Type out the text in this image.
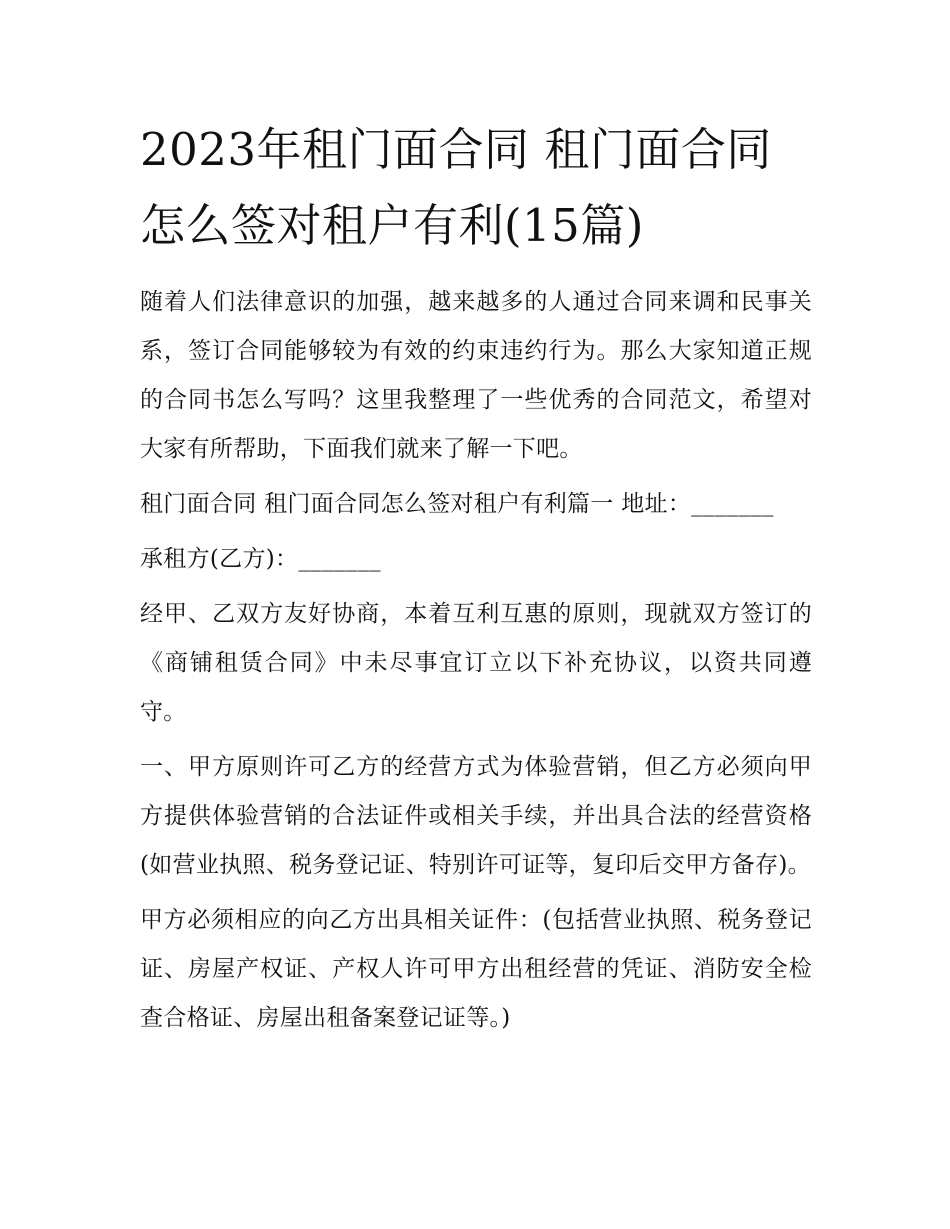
2023年租门面合同 租门面合同怎么签对租户有利(15篇)

随着人们法律意识的加强，越来越多的人通过合同来调和民事关系，签订合同能够较为有效的约束违约行为。那么大家知道正规的合同书怎么写吗？这里我整理了一些优秀的合同范文，希望对大家有所帮助，下面我们就来了解一下吧。

租门面合同 租门面合同怎么签对租户有利篇一 地址：_______

承租方(乙方)：_______

经甲、乙双方友好协商，本着互利互惠的原则，现就双方签订的《商铺租赁合同》中未尽事宜订立以下补充协议，以资共同遵守。

一、甲方原则许可乙方的经营方式为体验营销，但乙方必须向甲方提供体验营销的合法证件或相关手续，并出具合法的经营资格(如营业执照、税务登记证、特别许可证等，复印后交甲方备存)。

甲方必须相应的向乙方出具相关证件：(包括营业执照、税务登记证、房屋产权证、产权人许可甲方出租经营的凭证、消防安全检查合格证、房屋出租备案登记证等。)
